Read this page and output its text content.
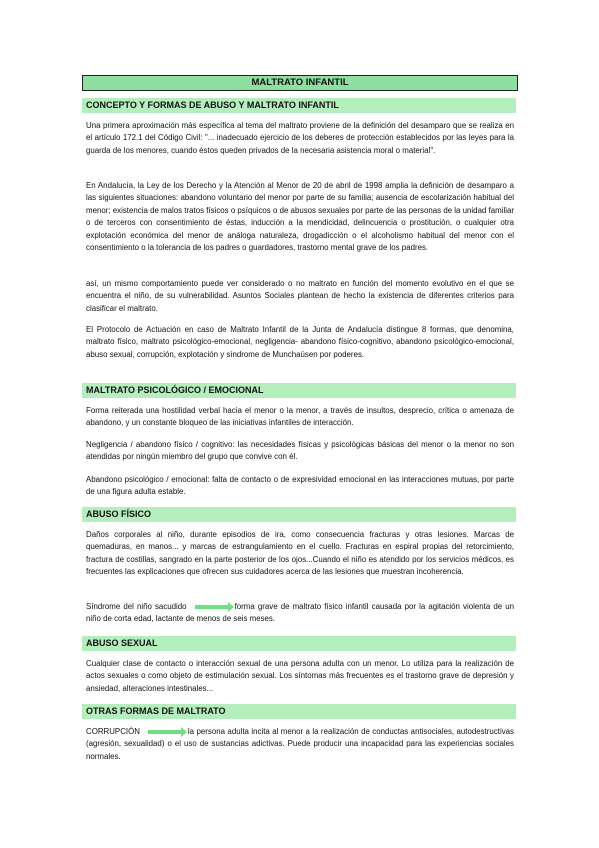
MALTRATO INFANTIL
CONCEPTO Y FORMAS DE ABUSO Y MALTRATO INFANTIL

Una primera aproximación más específica al tema del maltrato proviene de la definición del desamparo que se realiza en el artículo 172.1 del Código Civil: "... inadecuado ejercicio de los deberes de protección establecidos por las leyes para la guarda de los menores, cuando éstos queden privados de la necesaria asistencia moral o material".

En Andalucía, la Ley de los Derecho y la Atención al Menor de 20 de abril de 1998 amplia la definición de desamparo a las siguientes situaciones: abandono voluntario del menor por parte de su familia; ausencia de escolarización habitual del menor; existencia de malos tratos físicos o psíquicos o de abusos sexuales por parte de las personas de la unidad familiar o de terceros con consentimiento de éstas, inducción a la mendicidad, delincuencia o prostitución, o cualquier otra explotación económica del menor de análoga naturaleza, drogadicción o el alcoholismo habitual del menor con el consentimiento o la tolerancia de los padres o guardadores, trastorno mental grave de los padres.

así, un mismo comportamiento puede ver considerado o no maltrato en función del momento evolutivo en el que se encuentra el niño, de su vulnerabilidad. Asuntos Sociales plantean de hecho la existencia de diferentes criterios para clasificar el maltrato.

El Protocolo de Actuación en caso de Maltrato Infantil de la Junta de Andalucía distingue 8 formas, que denomina, maltrato físico, maltrato psicológico-emocional, negligencia- abandono físico-cognitivo, abandono psicológico-emocional, abuso sexual, corrupción, explotación y síndrome de Munchaüsen por poderes.

MALTRATO PSICOLÓGICO / EMOCIONAL

Forma reiterada una hostilidad verbal hacia el menor o la menor, a través de insultos, desprecio, crítica o amenaza de abandono, y un constante bloqueo de las iniciativas infantiles de interacción.

Negligencia / abandono físico / cognitivo: las necesidades físicas y psicológicas básicas del menor o la menor no son atendidas por ningún miembro del grupo que convive con él.

Abandono psicológico / emocional: falta de contacto o de expresividad emocional en las interacciones mutuas, por parte de una figura adulta estable.

ABUSO FÍSICO

Daños corporales al niño, durante episodios de ira, como consecuencia fracturas y otras lesiones. Marcas de quemaduras, en manos... y marcas de estrangulamiento en el cuello. Fracturas en espiral propias del retorcimiento, fractura de costillas, sangrado en la parte posterior de los ojos...Cuando el niño es atendido por los servicios médicos, es frecuentes las explicaciones que ofrecen sus cuidadores acerca de las lesiones que muestran incoherencia.

Síndrome del niño sacudido	forma grave de maltrato físico infantil causada por la agitación violenta de un niño de corta edad, lactante de menos de seis meses.

ABUSO SEXUAL

Cualquier clase de contacto o interacción sexual de una persona adulta con un menor. Lo utiliza para la realización de actos sexuales o como objeto de estimulación sexual. Los síntomas más frecuentes es el trastorno grave de depresión y ansiedad, alteraciones intestinales...

OTRAS FORMAS DE MALTRATO

CORRUPCIÓN	la persona adulta incita al menor a la realización de conductas antisociales, autodestructivas (agresión, sexualidad) o el uso de sustancias adictivas. Puede producir una incapacidad para las experiencias sociales normales.
